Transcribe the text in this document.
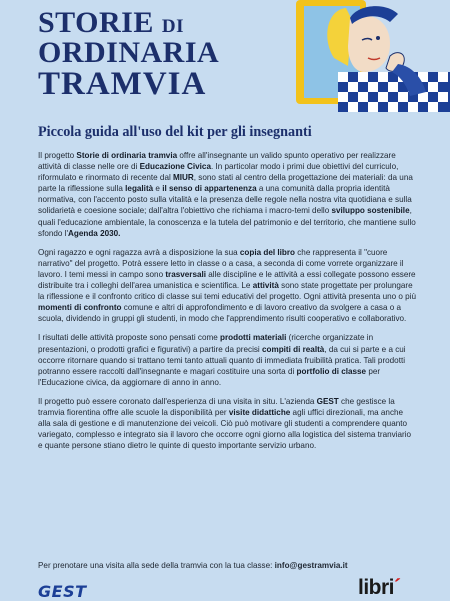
STORIE DI
ORDINARIA
TRAMVIA
Piccola guida all'uso del kit per gli insegnanti

Il progetto Storie di ordinaria tramvia offre all'insegnante un valido spunto operativo per realizzare attività di classe nelle ore di Educazione Civica. In particolar modo i primi due obiettivi del curriculo, riformulato e rinormato di recente dal MIUR, sono stati al centro della progettazione dei materiali: da una parte la riflessione sulla legalità e il senso di appartenenza a una comunità dalla propria identità normativa, con l'accento posto sulla vitalità e la presenza delle regole nella nostra vita quotidiana e sulla solidarietà e coesione sociale; dall'altra l'obiettivo che richiama i macro-temi dello sviluppo sostenibile, quali l'educazione ambientale, la conoscenza e la tutela del patrimonio e del territorio, che mantiene sullo sfondo l'Agenda 2030.

Ogni ragazzo e ogni ragazza avrà a disposizione la sua copia del libro che rappresenta il "cuore narrativo" del progetto. Potrà essere letto in classe o a casa, a seconda di come vorrete organizzare il lavoro. I temi messi in campo sono trasversali alle discipline e le attività a essi collegate possono essere distribuite tra i colleghi dell'area umanistica e scientifica. Le attività sono state progettate per prolungare la riflessione e il confronto critico di classe sui temi educativi del progetto. Ogni attività presenta uno o più momenti di confronto comune e altri di approfondimento e di lavoro creativo da svolgere a casa o a scuola, dividendo in gruppi gli studenti, in modo che l'apprendimento risulti cooperativo e collaborativo.

I risultati delle attività proposte sono pensati come prodotti materiali (ricerche organizzate in presentazioni, o prodotti grafici e figurativi) a partire da precisi compiti di realtà, da cui si parte e a cui occorre ritornare quando si trattano temi tanto attuali quanto di immediata fruibilità pratica. Tali prodotti potranno essere raccolti dall'insegnante e magari costituire una sorta di portfolio di classe per l'Educazione civica, da aggiornare di anno in anno.

Il progetto può essere coronato dall'esperienza di una visita in situ. L'azienda GEST che gestisce la tramvia fiorentina offre alle scuole la disponibilità per visite didattiche agli uffici direzionali, ma anche alla sala di gestione e di manutenzione dei veicoli. Ciò può motivare gli studenti a comprendere quanto variegato, complesso e integrato sia il lavoro che occorre ogni giorno alla logistica del sistema tranviario e quante persone stiano dietro le quinte di questo importante servizio urbano.

Per prenotare una visita alla sede della tramvia con la tua classe: info@gestramvia.it
GEST	libri´
